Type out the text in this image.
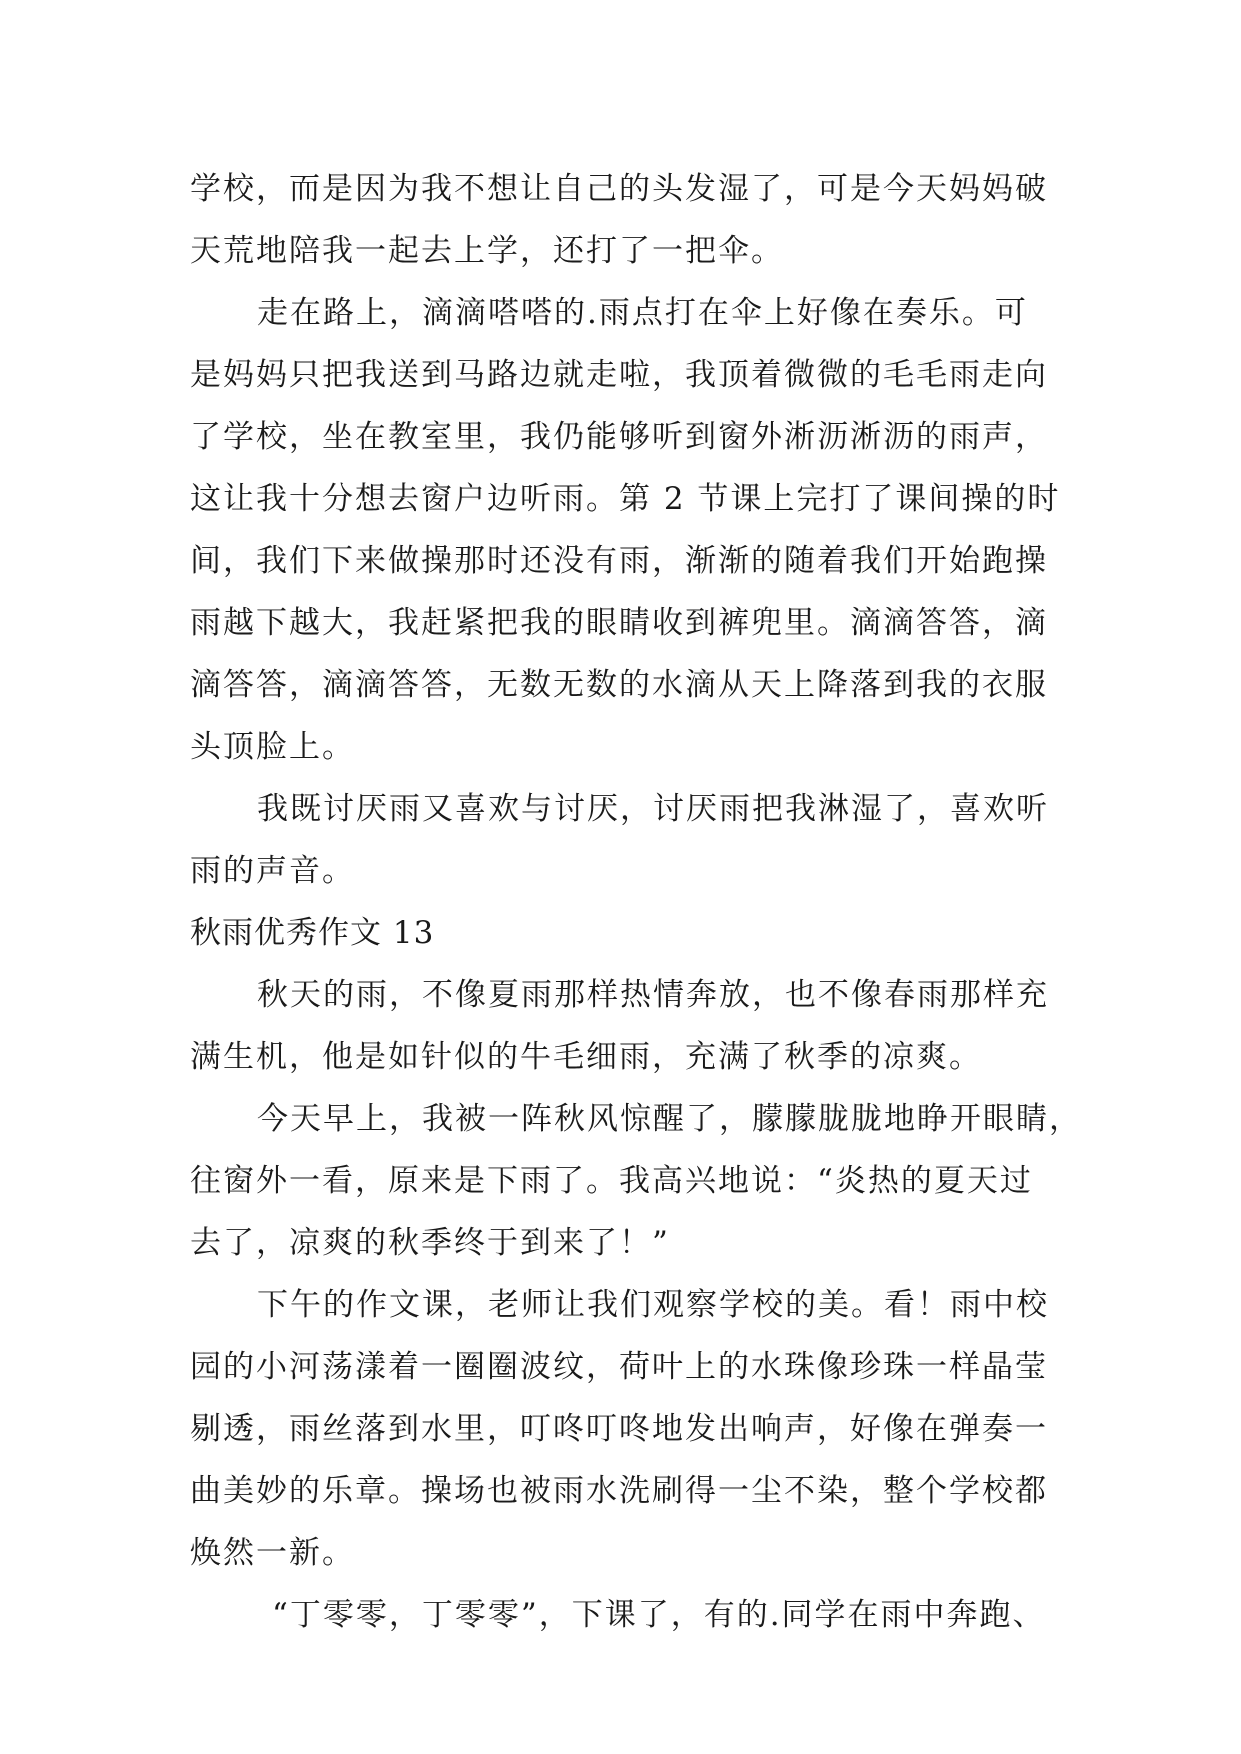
学校，而是因为我不想让自己的头发湿了，可是今天妈妈破
天荒地陪我一起去上学，还打了一把伞。
走在路上，滴滴嗒嗒的.雨点打在伞上好像在奏乐。可
是妈妈只把我送到马路边就走啦，我顶着微微的毛毛雨走向
了学校，坐在教室里，我仍能够听到窗外淅沥淅沥的雨声，
这让我十分想去窗户边听雨。第 2 节课上完打了课间操的时
间，我们下来做操那时还没有雨，渐渐的随着我们开始跑操
雨越下越大，我赶紧把我的眼睛收到裤兜里。滴滴答答，滴
滴答答，滴滴答答，无数无数的水滴从天上降落到我的衣服
头顶脸上。
我既讨厌雨又喜欢与讨厌，讨厌雨把我淋湿了，喜欢听
雨的声音。
秋雨优秀作文 13
秋天的雨，不像夏雨那样热情奔放，也不像春雨那样充
满生机，他是如针似的牛毛细雨，充满了秋季的凉爽。
今天早上，我被一阵秋风惊醒了，朦朦胧胧地睁开眼睛，
往窗外一看，原来是下雨了。我高兴地说：“炎热的夏天过
去了，凉爽的秋季终于到来了！”
下午的作文课，老师让我们观察学校的美。看！雨中校
园的小河荡漾着一圈圈波纹，荷叶上的水珠像珍珠一样晶莹
剔透，雨丝落到水里，叮咚叮咚地发出响声，好像在弹奏一
曲美妙的乐章。操场也被雨水洗刷得一尘不染，整个学校都
焕然一新。
“丁零零，丁零零”，下课了，有的.同学在雨中奔跑、
